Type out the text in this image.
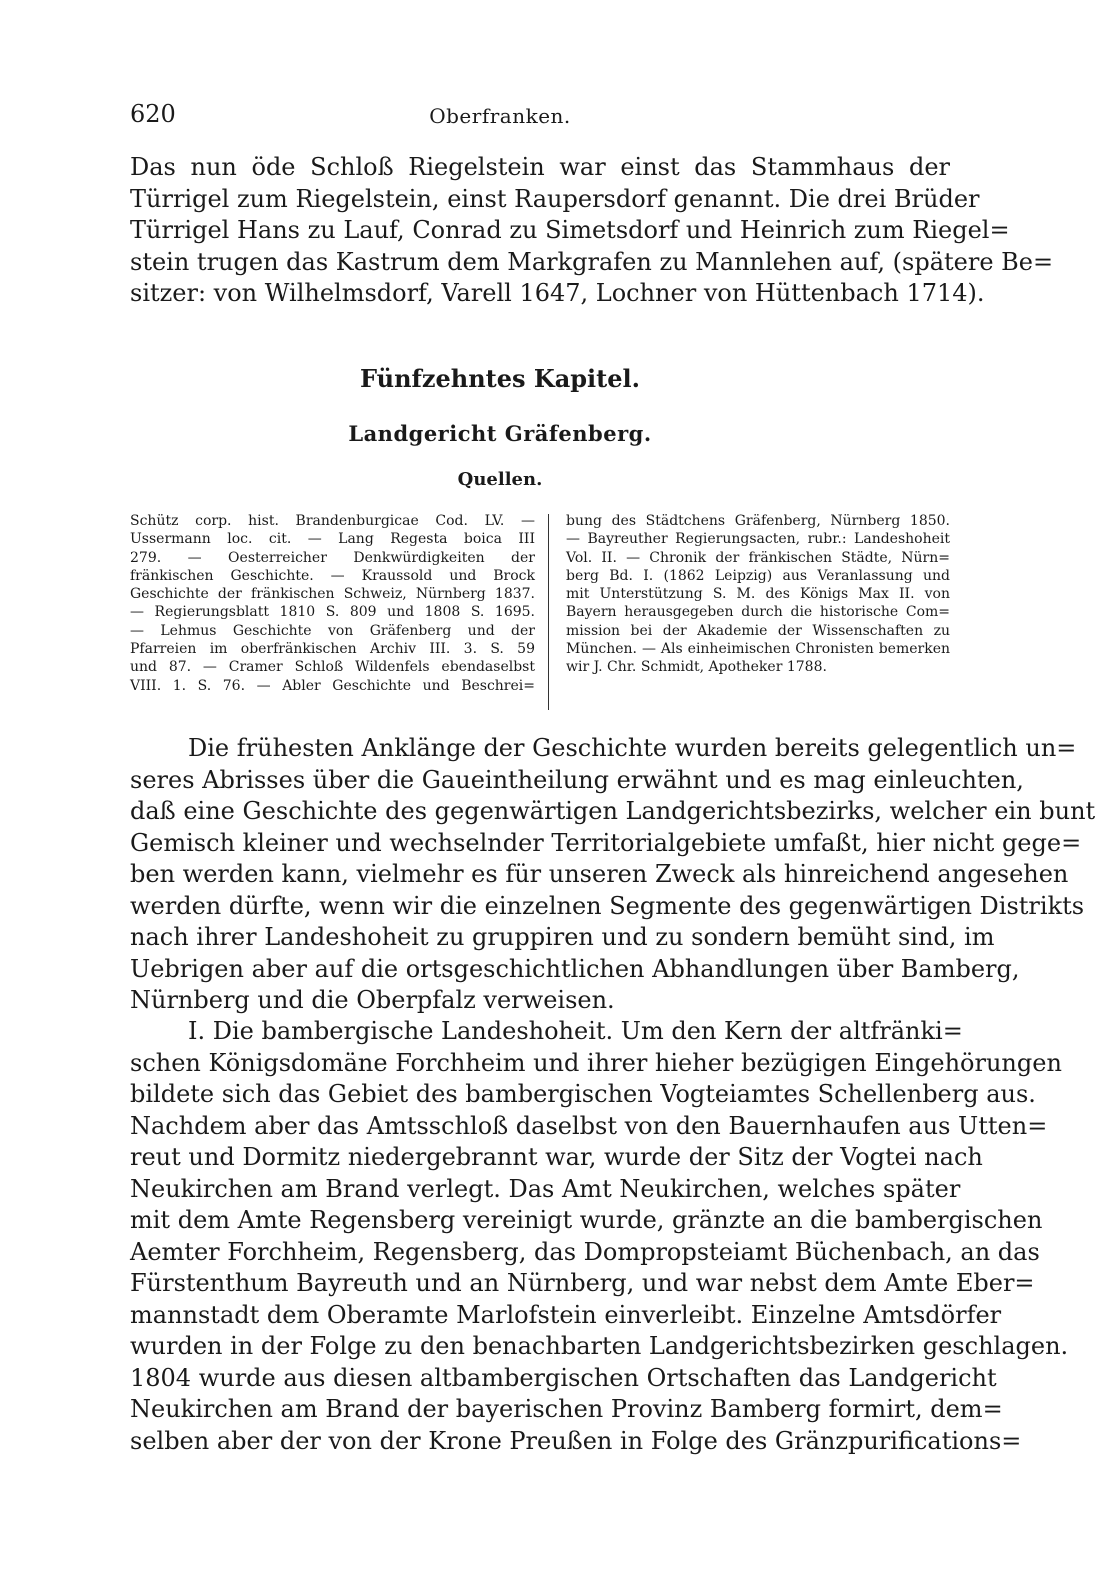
620	Oberfranken.
Das nun öde Schloß Riegelstein war einst das Stammhaus der
Türrigel zum Riegelstein, einst Raupersdorf genannt. Die drei Brüder
Türrigel Hans zu Lauf, Conrad zu Simetsdorf und Heinrich zum Riegel=
stein trugen das Kastrum dem Markgrafen zu Mannlehen auf, (spätere Be=
sitzer: von Wilhelmsdorf, Varell 1647, Lochner von Hüttenbach 1714).
Fünfzehntes Kapitel.
Landgericht Gräfenberg.
Quellen.
Schütz corp. hist. Brandenburgicae Cod. LV. —
Ussermann loc. cit. — Lang Regesta boica III
279. — Oesterreicher Denkwürdigkeiten der
fränkischen Geschichte. — Kraussold und Brock
Geschichte der fränkischen Schweiz, Nürnberg 1837.
— Regierungsblatt 1810 S. 809 und 1808 S. 1695.
— Lehmus Geschichte von Gräfenberg und der
Pfarreien im oberfränkischen Archiv III. 3. S. 59
und 87. — Cramer Schloß Wildenfels ebendaselbst
VIII. 1. S. 76. — Abler Geschichte und Beschrei=
bung des Städtchens Gräfenberg, Nürnberg 1850.
— Bayreuther Regierungsacten, rubr.: Landeshoheit
Vol. II. — Chronik der fränkischen Städte, Nürn=
berg Bd. I. (1862 Leipzig) aus Veranlassung und
mit Unterstützung S. M. des Königs Max II. von
Bayern herausgegeben durch die historische Com=
mission bei der Akademie der Wissenschaften zu
München. — Als einheimischen Chronisten bemerken
wir J. Chr. Schmidt, Apotheker 1788.
Die frühesten Anklänge der Geschichte wurden bereits gelegentlich un=
seres Abrisses über die Gaueintheilung erwähnt und es mag einleuchten,
daß eine Geschichte des gegenwärtigen Landgerichtsbezirks, welcher ein bunt
Gemisch kleiner und wechselnder Territorialgebiete umfaßt, hier nicht gege=
ben werden kann, vielmehr es für unseren Zweck als hinreichend angesehen
werden dürfte, wenn wir die einzelnen Segmente des gegenwärtigen Distrikts
nach ihrer Landeshoheit zu gruppiren und zu sondern bemüht sind, im
Uebrigen aber auf die ortsgeschichtlichen Abhandlungen über Bamberg,
Nürnberg und die Oberpfalz verweisen.
I. Die bambergische Landeshoheit. Um den Kern der altfränki=
schen Königsdomäne Forchheim und ihrer hieher bezügigen Eingehörungen
bildete sich das Gebiet des bambergischen Vogteiamtes Schellenberg aus.
Nachdem aber das Amtsschloß daselbst von den Bauernhaufen aus Utten=
reut und Dormitz niedergebrannt war, wurde der Sitz der Vogtei nach
Neukirchen am Brand verlegt. Das Amt Neukirchen, welches später
mit dem Amte Regensberg vereinigt wurde, gränzte an die bambergischen
Aemter Forchheim, Regensberg, das Dompropsteiamt Büchenbach, an das
Fürstenthum Bayreuth und an Nürnberg, und war nebst dem Amte Eber=
mannstadt dem Oberamte Marlofstein einverleibt. Einzelne Amtsdörfer
wurden in der Folge zu den benachbarten Landgerichtsbezirken geschlagen.
1804 wurde aus diesen altbambergischen Ortschaften das Landgericht
Neukirchen am Brand der bayerischen Provinz Bamberg formirt, dem=
selben aber der von der Krone Preußen in Folge des Gränzpurifications=
